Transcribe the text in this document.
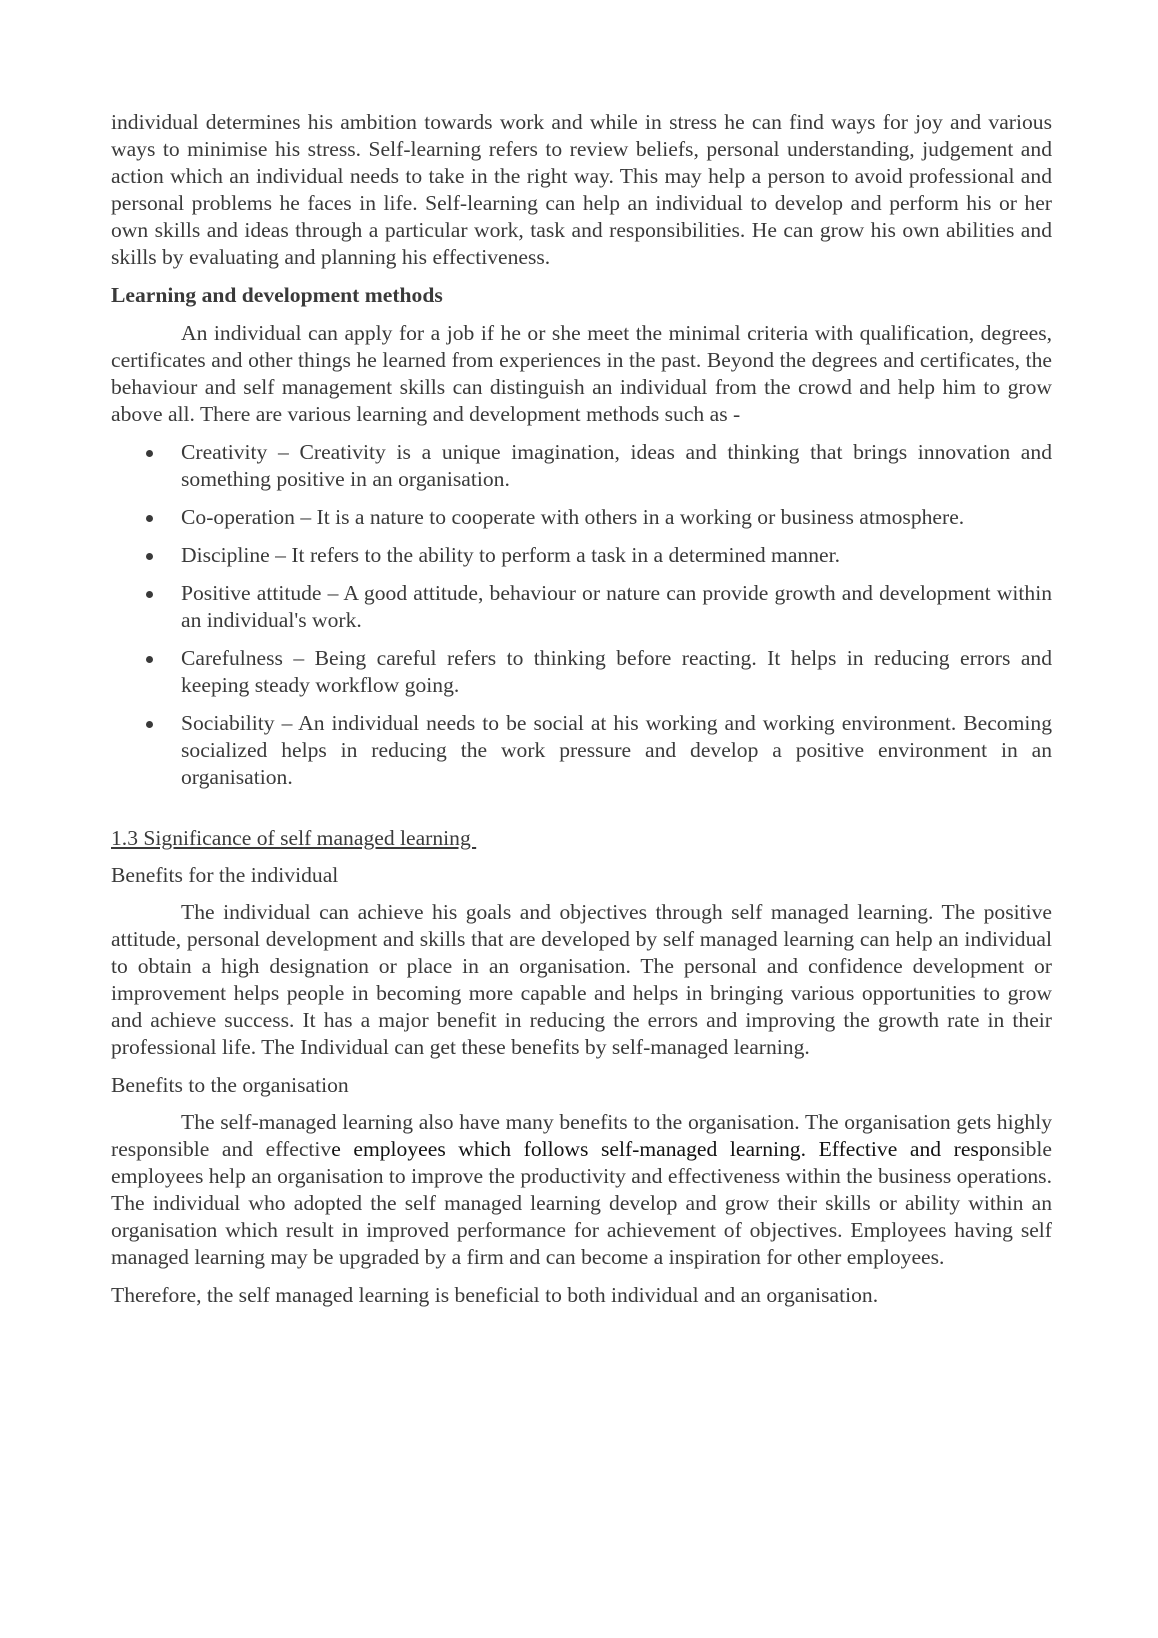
individual determines his ambition towards work and while in stress he can find ways for joy and various ways to minimise his stress. Self-learning refers to review beliefs, personal understanding, judgement and action which an individual needs to take in the right way. This may help a person to avoid professional and personal problems he faces in life. Self-learning can help an individual to develop and perform his or her own skills and ideas through a particular work, task and responsibilities. He can grow his own abilities and skills by evaluating and planning his effectiveness.

Learning and development methods

An individual can apply for a job if he or she meet the minimal criteria with qualification, degrees, certificates and other things he learned from experiences in the past. Beyond the degrees and certificates, the behaviour and self management skills can distinguish an individual from the crowd and help him to grow above all. There are various learning and development methods such as -

Creativity – Creativity is a unique imagination, ideas and thinking that brings innovation and something positive in an organisation.
Co-operation – It is a nature to cooperate with others in a working or business atmosphere.
Discipline – It refers to the ability to perform a task in a determined manner.
Positive attitude – A good attitude, behaviour or nature can provide growth and development within an individual's work.
Carefulness – Being careful refers to thinking before reacting. It helps in reducing errors and keeping steady workflow going.
Sociability – An individual needs to be social at his working and working environment. Becoming socialized helps in reducing the work pressure and develop a positive environment in an organisation.

1.3 Significance of self managed learning

Benefits for the individual

The individual can achieve his goals and objectives through self managed learning. The positive attitude, personal development and skills that are developed by self managed learning can help an individual to obtain a high designation or place in an organisation. The personal and confidence development or improvement helps people in becoming more capable and helps in bringing various opportunities to grow and achieve success. It has a major benefit in reducing the errors and improving the growth rate in their professional life. The Individual can get these benefits by self-managed learning.

Benefits to the organisation

The self-managed learning also have many benefits to the organisation. The organisation gets highly responsible and effective employees which follows self-managed learning. Effective and responsible employees help an organisation to improve the productivity and effectiveness within the business operations. The individual who adopted the self managed learning develop and grow their skills or ability within an organisation which result in improved performance for achievement of objectives. Employees having self managed learning may be upgraded by a firm and can become a inspiration for other employees.

Therefore, the self managed learning is beneficial to both individual and an organisation.
